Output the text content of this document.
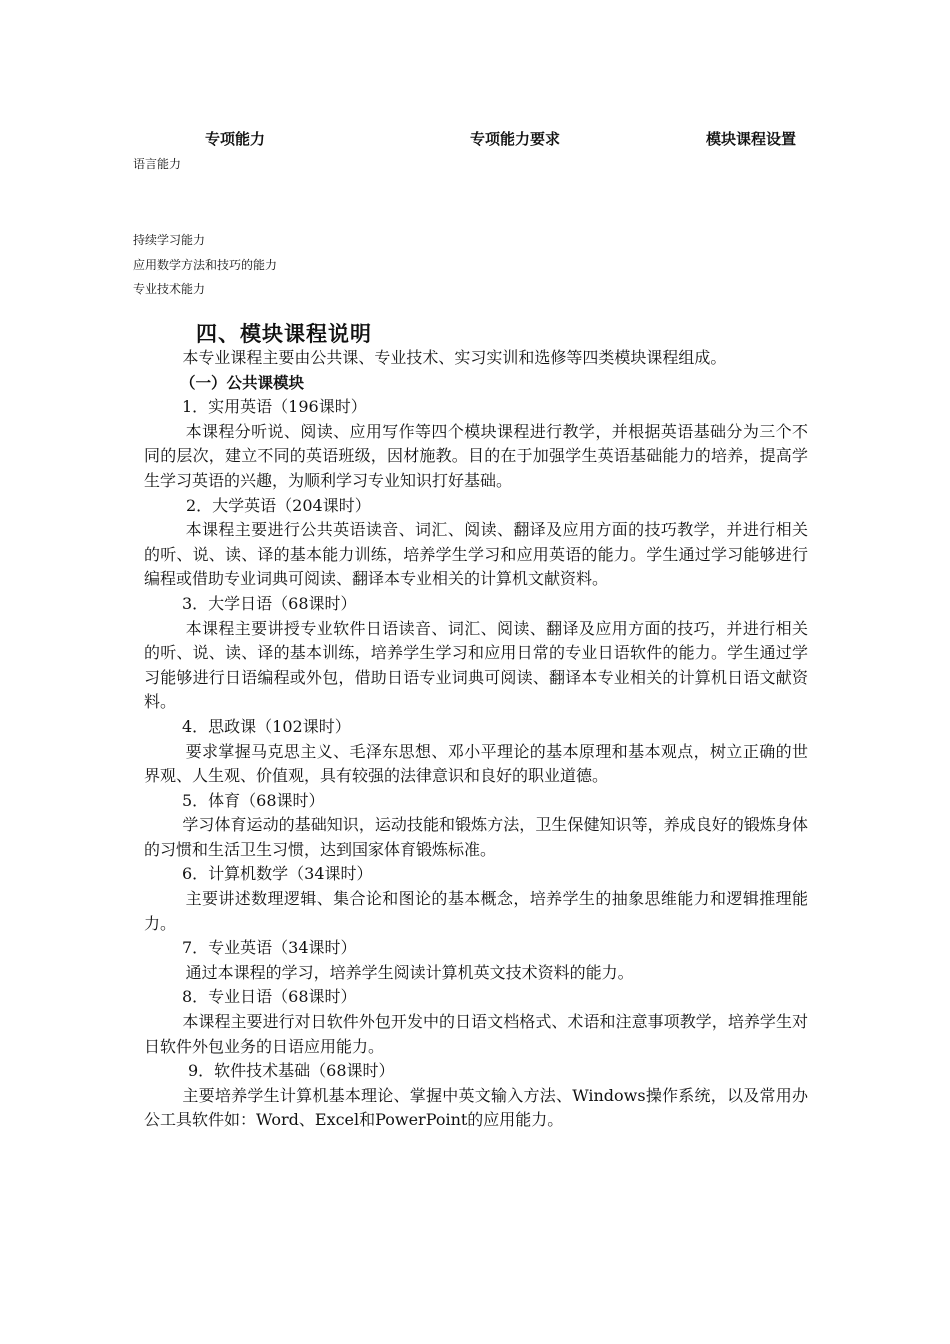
专项能力	专项能力要求	模块课程设置
语言能力
持续学习能力
应用数学方法和技巧的能力
专业技术能力
四、模块课程说明

本专业课程主要由公共课、专业技术、实习实训和选修等四类模块课程组成。

（一）公共课模块

1．实用英语（196课时）

本课程分听说、阅读、应用写作等四个模块课程进行教学，并根据英语基础分为三个不同的层次，建立不同的英语班级，因材施教。目的在于加强学生英语基础能力的培养，提高学生学习英语的兴趣，为顺利学习专业知识打好基础。

2．大学英语（204课时）

本课程主要进行公共英语读音、词汇、阅读、翻译及应用方面的技巧教学，并进行相关的听、说、读、译的基本能力训练，培养学生学习和应用英语的能力。学生通过学习能够进行编程或借助专业词典可阅读、翻译本专业相关的计算机文献资料。

3．大学日语（68课时）

本课程主要讲授专业软件日语读音、词汇、阅读、翻译及应用方面的技巧，并进行相关的听、说、读、译的基本训练，培养学生学习和应用日常的专业日语软件的能力。学生通过学习能够进行日语编程或外包，借助日语专业词典可阅读、翻译本专业相关的计算机日语文献资料。

4．思政课（102课时）

要求掌握马克思主义、毛泽东思想、邓小平理论的基本原理和基本观点，树立正确的世界观、人生观、价值观，具有较强的法律意识和良好的职业道德。

5．体育（68课时）

学习体育运动的基础知识，运动技能和锻炼方法，卫生保健知识等，养成良好的锻炼身体的习惯和生活卫生习惯，达到国家体育锻炼标准。

6．计算机数学（34课时）

主要讲述数理逻辑、集合论和图论的基本概念，培养学生的抽象思维能力和逻辑推理能力。

7．专业英语（34课时）

通过本课程的学习，培养学生阅读计算机英文技术资料的能力。

8．专业日语（68课时）

本课程主要进行对日软件外包开发中的日语文档格式、术语和注意事项教学，培养学生对日软件外包业务的日语应用能力。

9．软件技术基础（68课时）

主要培养学生计算机基本理论、掌握中英文输入方法、Windows操作系统，以及常用办公工具软件如：Word、Excel和PowerPoint的应用能力。
